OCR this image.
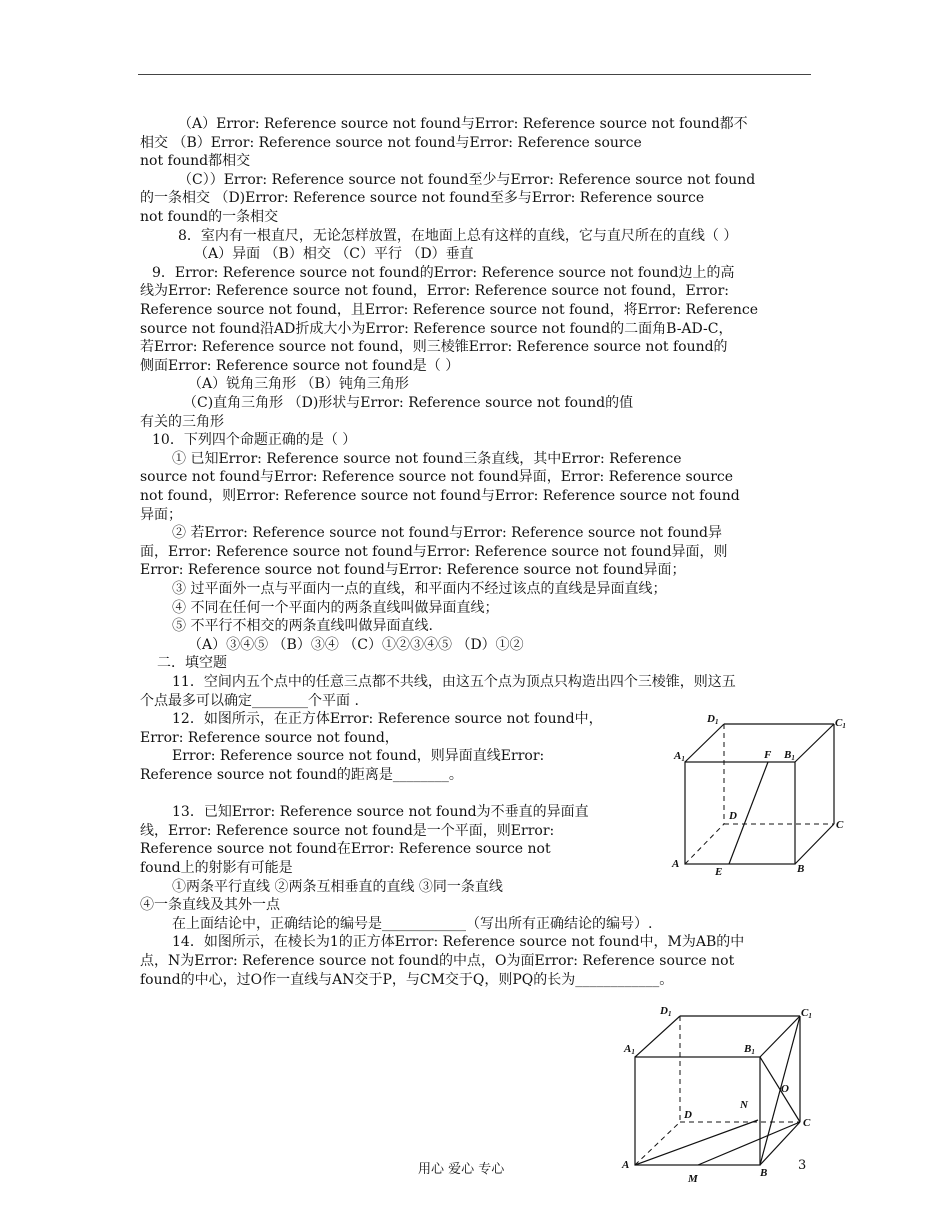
（A）Error: Reference source not found与Error: Reference source not found都不
相交 （B）Error: Reference source not found与Error: Reference source
not found都相交
（C））Error: Reference source not found至少与Error: Reference source not found
的一条相交 （D)Error: Reference source not found至多与Error: Reference source
not found的一条相交
8．室内有一根直尺，无论怎样放置，在地面上总有这样的直线，它与直尺所在的直线（ ）
（A）异面 （B）相交 （C）平行 （D）垂直
9．Error: Reference source not found的Error: Reference source not found边上的高
线为Error: Reference source not found，Error: Reference source not found，Error:
Reference source not found，且Error: Reference source not found，将Error: Reference
source not found沿AD折成大小为Error: Reference source not found的二面角B-AD-C，
若Error: Reference source not found，则三棱锥Error: Reference source not found的
侧面Error: Reference source not found是（ ）
（A）锐角三角形 （B）钝角三角形
（C)直角三角形 （D)形状与Error: Reference source not found的值
有关的三角形
10．下列四个命题正确的是（ ）
① 已知Error: Reference source not found三条直线，其中Error: Reference
source not found与Error: Reference source not found异面，Error: Reference source
not found，则Error: Reference source not found与Error: Reference source not found
异面；
② 若Error: Reference source not found与Error: Reference source not found异
面，Error: Reference source not found与Error: Reference source not found异面，则
Error: Reference source not found与Error: Reference source not found异面；
③ 过平面外一点与平面内一点的直线，和平面内不经过该点的直线是异面直线；
④ 不同在任何一个平面内的两条直线叫做异面直线；
⑤ 不平行不相交的两条直线叫做异面直线.
（A）③④⑤ （B）③④ （C）①②③④⑤ （D）①②
二．填空题
11．空间内五个点中的任意三点都不共线，由这五个点为顶点只构造出四个三棱锥，则这五
个点最多可以确定________个平面 .
12．如图所示，在正方体Error: Reference source not found中，
Error: Reference source not found，
Error: Reference source not found，则异面直线Error:
Reference source not found的距离是________。
13．已知Error: Reference source not found为不垂直的异面直
线，Error: Reference source not found是一个平面，则Error:
Reference source not found在Error: Reference source not
found上的射影有可能是
①两条平行直线 ②两条互相垂直的直线 ③同一条直线
④一条直线及其外一点
在上面结论中，正确结论的编号是____________（写出所有正确结论的编号）.
14．如图所示，在棱长为1的正方体Error: Reference source not found中，M为AB的中
点，N为Error: Reference source not found的中点，O为面Error: Reference source not
found的中心，过O作一直线与AN交于P，与CM交于Q，则PQ的长为____________。
D1	C1
A1	F B1
D
C
A
E	B
D1	C1
A1	B1
O
N
D
C
A
B
M
用心 爱心 专心	3
